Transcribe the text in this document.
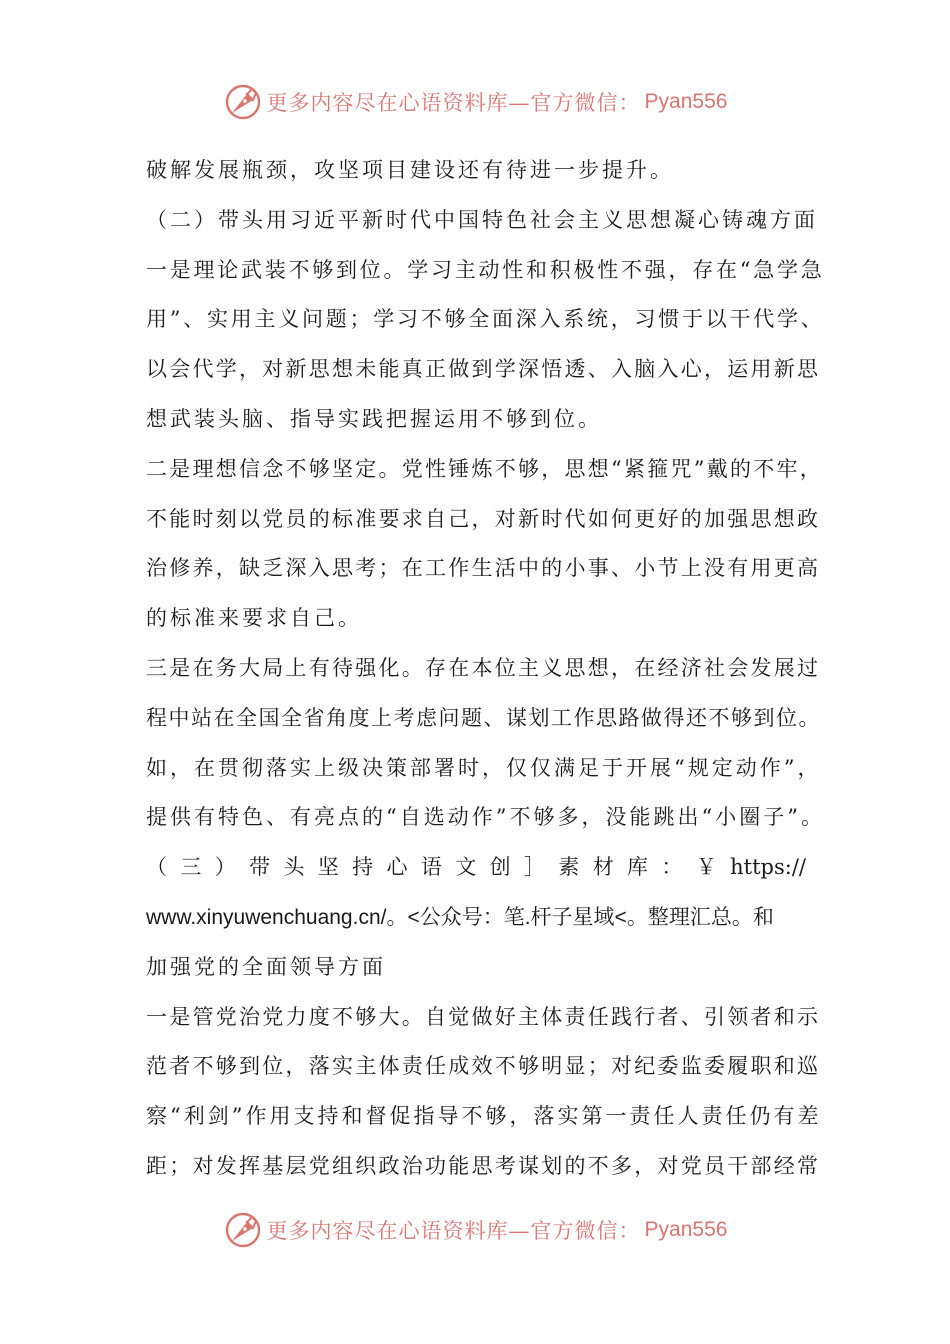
更多内容尽在心语资料库—官方微信： Pyan556
破解发展瓶颈，攻坚项目建设还有待进一步提升。
（二）带头用习近平新时代中国特色社会主义思想凝心铸魂方面
一是理论武装不够到位。学习主动性和积极性不强，存在“急学急
用”、实用主义问题；学习不够全面深入系统，习惯于以干代学、
以会代学，对新思想未能真正做到学深悟透、入脑入心，运用新思
想武装头脑、指导实践把握运用不够到位。
二是理想信念不够坚定。党性锤炼不够，思想“紧箍咒”戴的不牢，
不能时刻以党员的标准要求自己，对新时代如何更好的加强思想政
治修养，缺乏深入思考；在工作生活中的小事、小节上没有用更高
的标准来要求自己。
三是在务大局上有待强化。存在本位主义思想，在经济社会发展过
程中站在全国全省角度上考虑问题、谋划工作思路做得还不够到位。
如，在贯彻落实上级决策部署时，仅仅满足于开展“规定动作”，
提供有特色、有亮点的“自选动作”不够多，没能跳出“小圈子”。
（三）带头坚持心语文创］素材库：￥https://
www.xinyuwenchuang.cn/。<公众号：笔.杆子星域<。整理汇总。和
加强党的全面领导方面
一是管党治党力度不够大。自觉做好主体责任践行者、引领者和示
范者不够到位，落实主体责任成效不够明显；对纪委监委履职和巡
察“利剑”作用支持和督促指导不够，落实第一责任人责任仍有差
距；对发挥基层党组织政治功能思考谋划的不多，对党员干部经常
更多内容尽在心语资料库—官方微信： Pyan556
